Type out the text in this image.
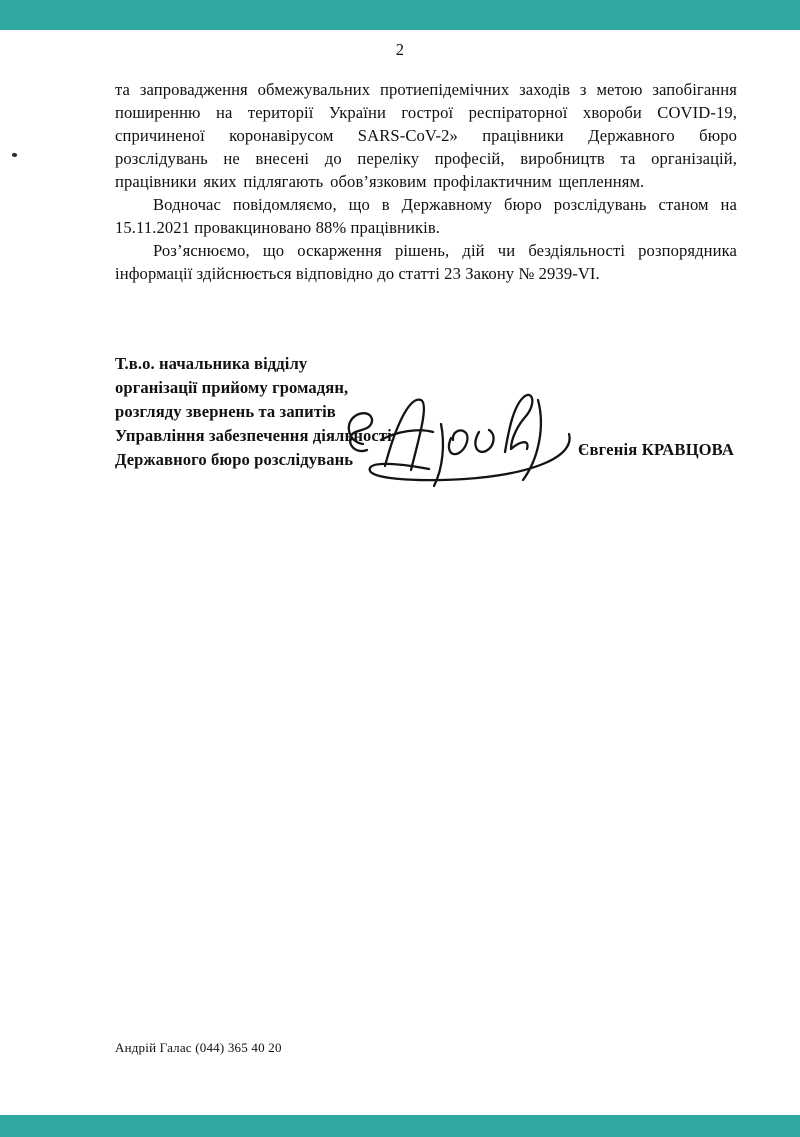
2

та запровадження обмежувальних протиепідемічних заходів з метою запобігання поширенню на території України гострої респіраторної хвороби COVID-19, спричиненої коронавірусом SARS-CoV-2» працівники Державного бюро розслідувань не внесені до переліку професій, виробництв та організацій, працівники яких підлягають обов’язковим профілактичним щепленням.

Водночас повідомляємо, що в Державному бюро розслідувань станом на 15.11.2021 провакциновано 88% працівників.

Роз’яснюємо, що оскарження рішень, дій чи бездіяльності розпорядника інформації здійснюється відповідно до статті 23 Закону № 2939-VI.

Т.в.о. начальника відділу
організації прийому громадян,
розгляду звернень та запитів
Управління забезпечення діяльності
Державного бюро розслідувань
Євгенія КРАВЦОВА
Андрій Галас (044) 365 40 20
